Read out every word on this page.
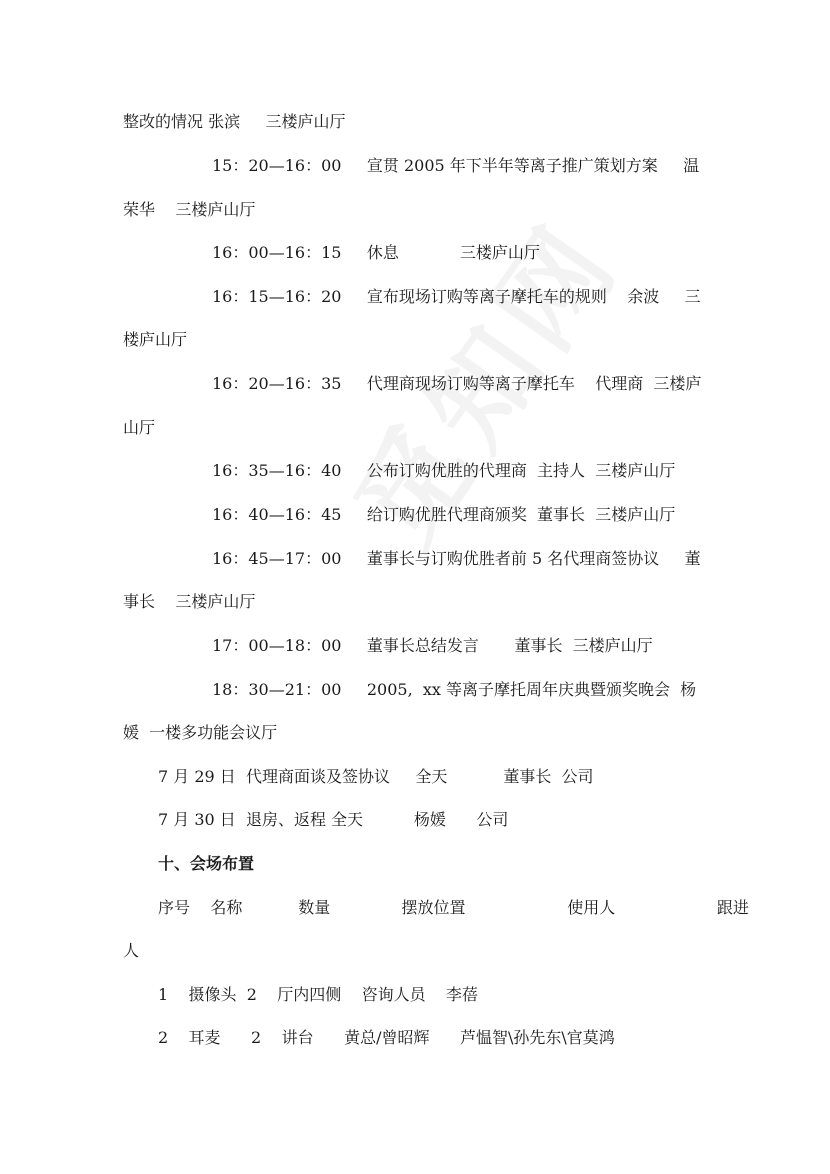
整改的情况 张滨     三楼庐山厅
15：20—16：00     宣贯 2005 年下半年等离子推广策划方案     温
荣华    三楼庐山厅
16：00—16：15     休息            三楼庐山厅
16：15—16：20     宣布现场订购等离子摩托车的规则    余波     三
楼庐山厅
16：20—16：35     代理商现场订购等离子摩托车    代理商  三楼庐
山厅
16：35—16：40     公布订购优胜的代理商  主持人  三楼庐山厅
16：40—16：45     给订购优胜代理商颁奖  董事长  三楼庐山厅
16：45—17：00     董事长与订购优胜者前 5 名代理商签协议     董
事长    三楼庐山厅
17：00—18：00     董事长总结发言       董事长  三楼庐山厅
18：30—21：00     2005,  xx 等离子摩托周年庆典暨颁奖晚会  杨
媛  一楼多功能会议厅
7 月 29 日  代理商面谈及签协议     全天           董事长  公司
7 月 30 日  退房、返程 全天          杨媛      公司
十、会场布置
序号    名称           数量              摆放位置                    使用人                    跟进
人
1    摄像头  2    厅内四侧    咨询人员    李蓓
2    耳麦      2    讲台      黄总/曾昭辉      芦愠智\孙先东\官莫鸿
